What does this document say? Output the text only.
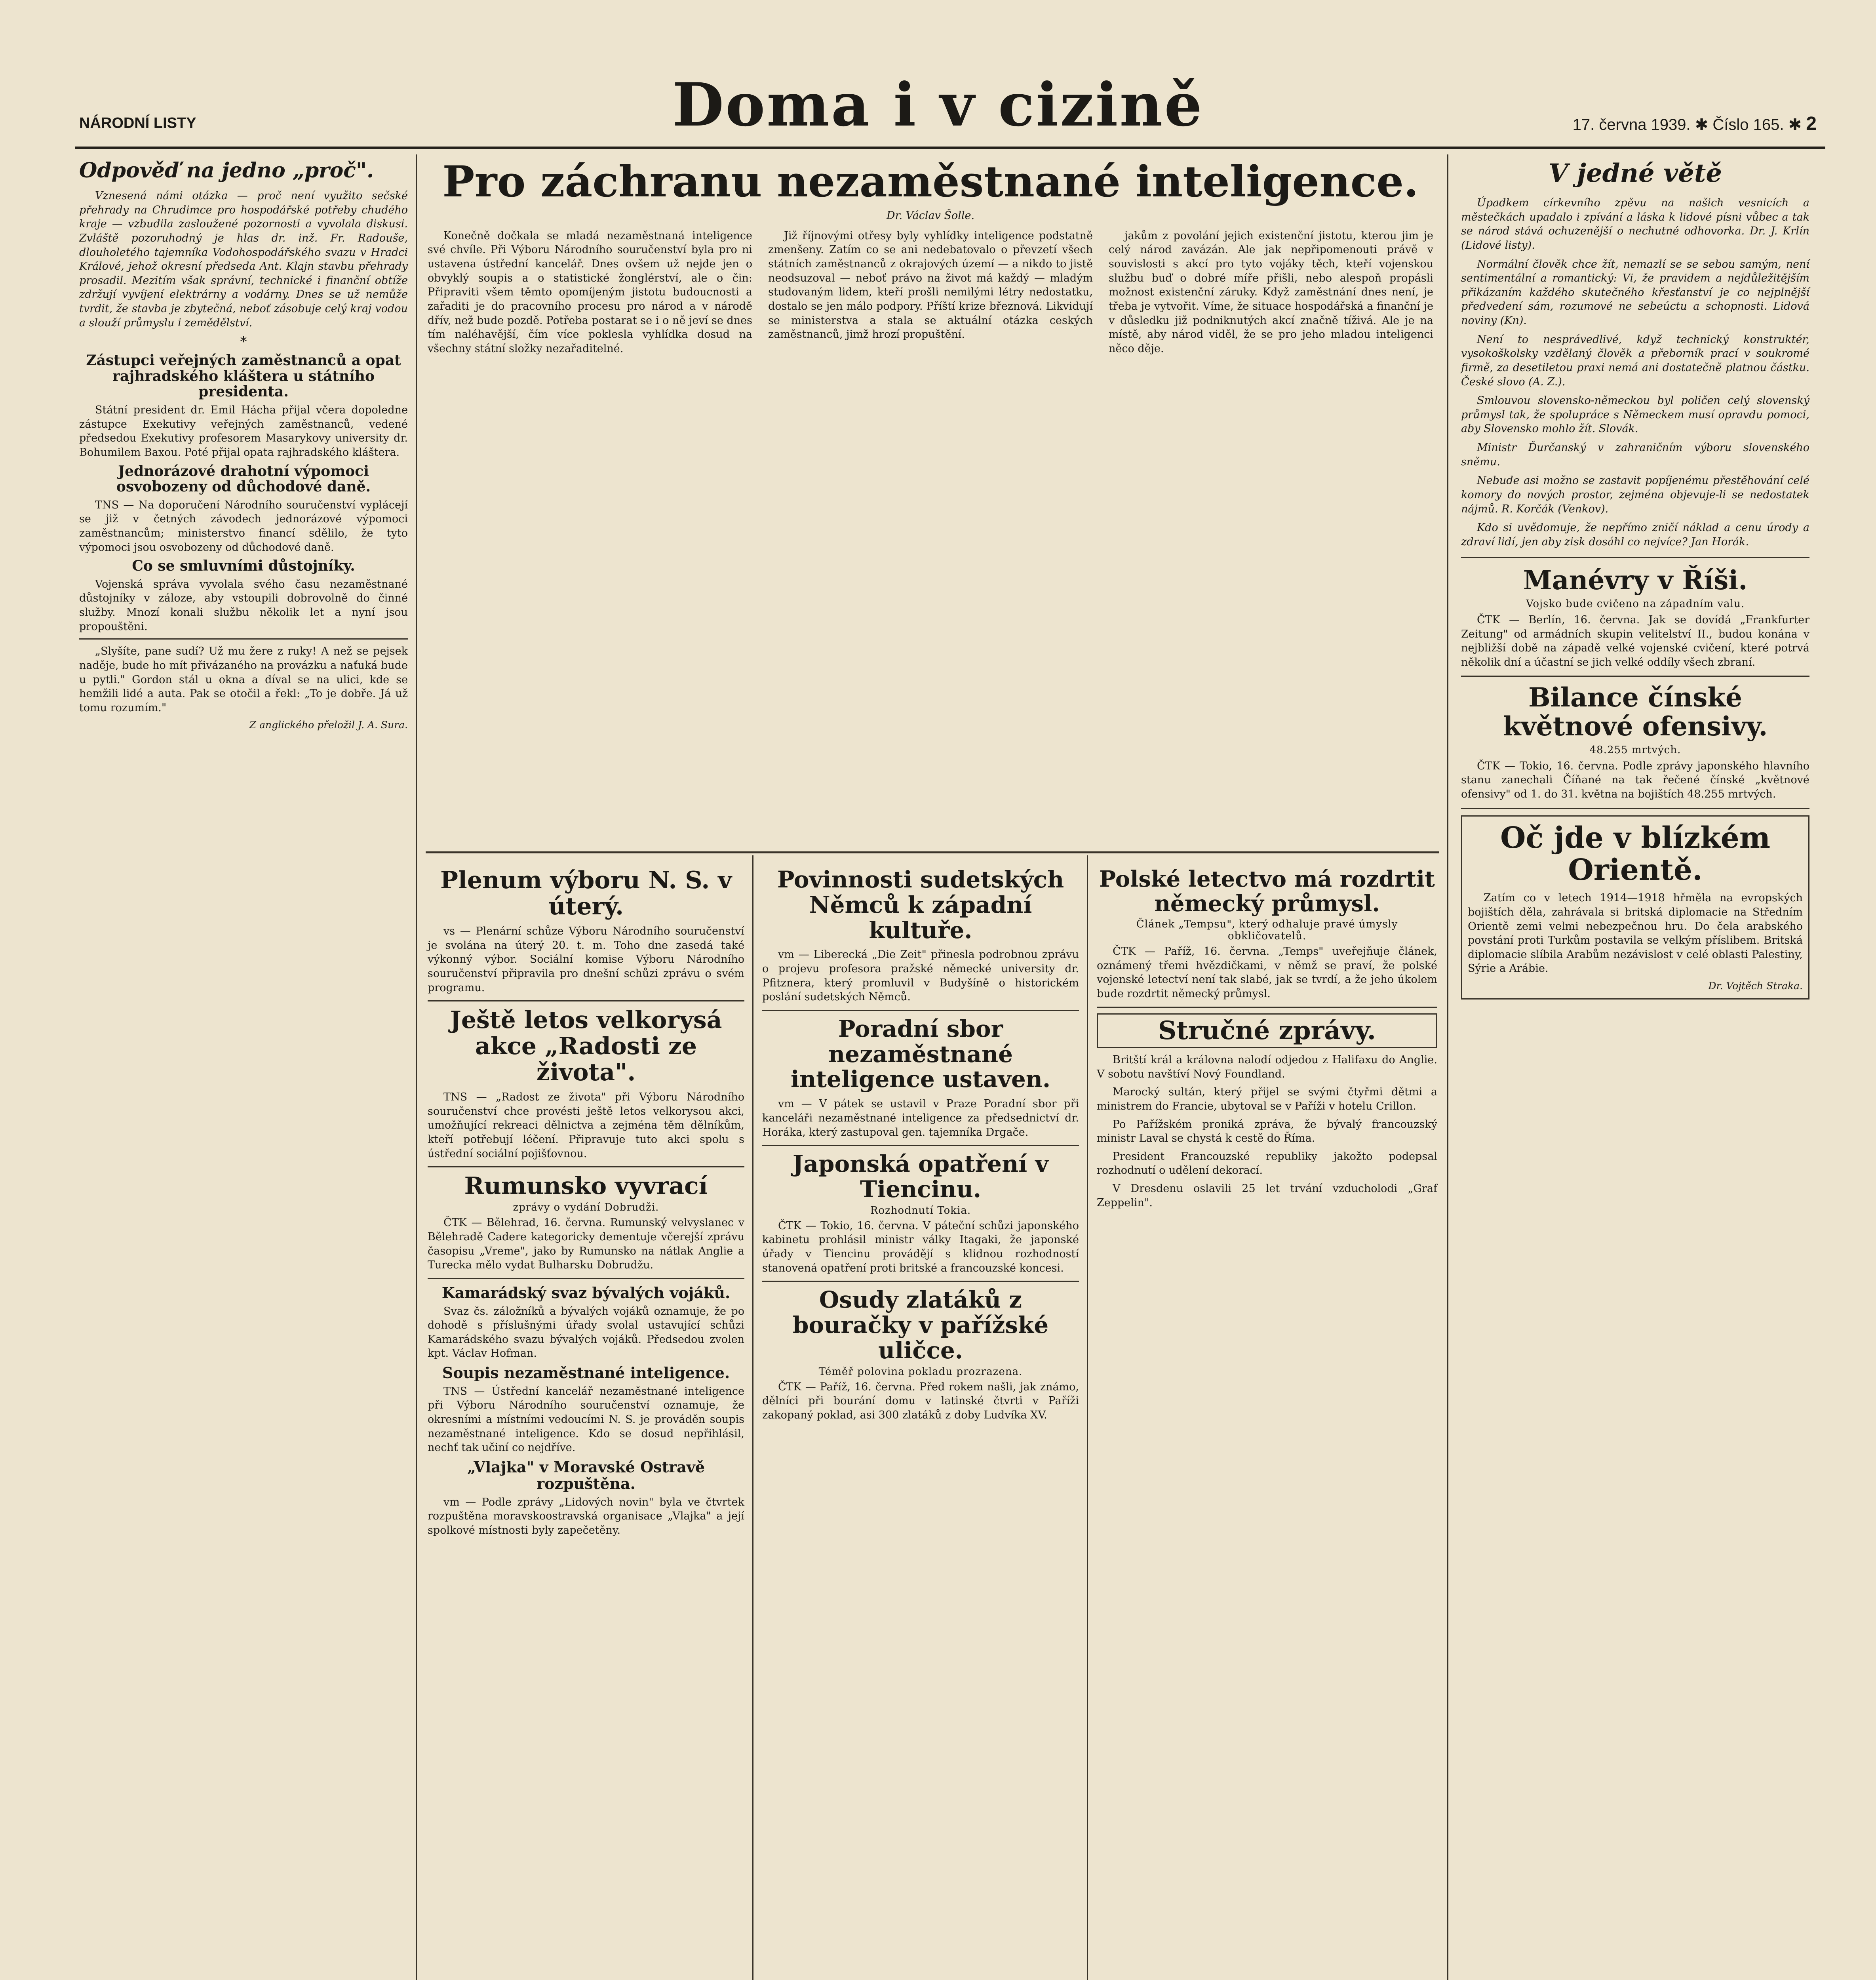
NÁRODNÍ LISTY	Doma i v cizině	17. června 1939. ✱ Číslo 165. ✱ 2
Odpověď na jedno „proč".

Vznesená námi otázka — proč není využito sečské přehrady na Chrudimce pro hospodářské potřeby chudého kraje — vzbudila zasloužené pozornosti a vyvolala diskusi. Zvláště pozoruhodný je hlas dr. inž. Fr. Radouše, dlouholetého tajemníka Vodohospodářského svazu v Hradci Králové, jehož okresní předseda Ant. Klajn stavbu přehrady prosadil. Mezitím však správní, technické i finanční obtíže zdržují vyvíjení elektrárny a vodárny. Dnes se už nemůže tvrdit, že stavba je zbytečná, neboť zásobuje celý kraj vodou a slouží průmyslu i zemědělství.

*
Zástupci veřejných zaměstnanců a opat rajhradského kláštera u státního presidenta.

Státní president dr. Emil Hácha přijal včera dopoledne zástupce Exekutivy veřejných zaměstnanců, vedené předsedou Exekutivy profesorem Masarykovy university dr. Bohumilem Baxou. Poté přijal opata rajhradského kláštera.

Jednorázové drahotní výpomoci osvobozeny od důchodové daně.

TNS — Na doporučení Národního souručenství vyplácejí se již v četných závodech jednorázové výpomoci zaměstnancům; ministerstvo financí sdělilo, že tyto výpomoci jsou osvobozeny od důchodové daně.

Co se smluvními důstojníky.

Vojenská správa vyvolala svého času nezaměstnané důstojníky v záloze, aby vstoupili dobrovolně do činné služby. Mnozí konali službu několik let a nyní jsou propouštěni.

„Slyšíte, pane sudí? Už mu žere z ruky! A než se pejsek naděje, bude ho mít přivázaného na provázku a naťuká bude u pytli." Gordon stál u okna a díval se na ulici, kde se hemžili lidé a auta. Pak se otočil a řekl: „To je dobře. Já už tomu rozumím."

Z anglického přeložil J. A. Sura.
Pro záchranu nezaměstnané inteligence.
Dr. Václav Šolle.

Konečně dočkala se mladá nezaměstnaná inteligence své chvíle. Při Výboru Národního souručenství byla pro ni ustavena ústřední kancelář. Dnes ovšem už nejde jen o obvyklý soupis a o statistické žonglérství, ale o čin: Připraviti všem těmto opomíjeným jistotu budoucnosti a zařaditi je do pracovního procesu pro národ a v národě dřív, než bude pozdě. Potřeba postarat se i o ně jeví se dnes tím naléhavější, čím více poklesla vyhlídka dosud na všechny státní složky nezařaditelné.

Již říjnovými otřesy byly vyhlídky inteligence podstatně zmenšeny. Zatím co se ani nedebatovalo o převzetí všech státních zaměstnanců z okrajových území — a nikdo to jistě neodsuzoval — neboť právo na život má každý — mladým studovaným lidem, kteří prošli nemilými létry nedostatku, dostalo se jen málo podpory. Příští krize březnová. Likvidují se ministerstva a stala se aktuální otázka ceských zaměstnanců, jimž hrozí propuštění.

jakům z povolání jejich existenční jistotu, kterou jim je celý národ zavázán. Ale jak nepřipomenouti právě v souvislosti s akcí pro tyto vojáky těch, kteří vojenskou službu buď o dobré míře přišli, nebo alespoň propásli možnost existenční záruky. Když zaměstnání dnes není, je třeba je vytvořit. Víme, že situace hospodářská a finanční je v důsledku již podniknutých akcí značně tíživá. Ale je na místě, aby národ viděl, že se pro jeho mladou inteligenci něco děje.

V jedné větě

Úpadkem církevního zpěvu na našich vesnicích a městečkách upadalo i zpívání a láska k lidové písni vůbec a tak se národ stává ochuzenější o nechutné odhovorka. Dr. J. Krlín (Lidové listy).

Normální člověk chce žít, nemazlí se se sebou samým, není sentimentální a romantický: Vi, že pravidem a nejdůležitějším přikázaním každého skutečného křesťanství je co nejplnější předvedení sám, rozumové ne sebeúctu a schopnosti. Lidová noviny (Kn).

Není to nesprávedlivé, když technický konstruktér, vysokoškolsky vzdělaný člověk a přeborník prací v soukromé firmě, za desetiletou praxi nemá ani dostatečně platnou částku. České slovo (A. Z.).

Smlouvou slovensko-německou byl poličen celý slovenský průmysl tak, že spolupráce s Německem musí opravdu pomoci, aby Slovensko mohlo žít. Slovák.

Ministr Ďurčanský v zahraničním výboru slovenského sněmu.

Nebude asi možno se zastavit popíjenému přestěhování celé komory do nových prostor, zejména objevuje-li se nedostatek nájmů. R. Korčák (Venkov).

Kdo si uvědomuje, že nepřímo zničí náklad a cenu úrody a zdraví lidí, jen aby zisk dosáhl co nejvíce? Jan Horák.

Manévry v Říši.
Vojsko bude cvičeno na západním valu.

ČTK — Berlín, 16. června. Jak se dovídá „Frankfurter Zeitung" od armádních skupin velitelství II., budou konána v nejbližší době na západě velké vojenské cvičení, které potrvá několik dní a účastní se jich velké oddíly všech zbraní.

Bilance čínské květnové ofensivy.
48.255 mrtvých.

ČTK — Tokio, 16. června. Podle zprávy japonského hlavního stanu zanechali Číňané na tak řečené čínské „květnové ofensivy" od 1. do 31. května na bojištích 48.255 mrtvých.

Oč jde v blízkém Orientě.

Zatím co v letech 1914—1918 hřměla na evropských bojištích děla, zahrávala si britská diplomacie na Středním Orientě zemi velmi nebezpečnou hru. Do čela arabského povstání proti Turkům postavila se velkým příslibem. Britská diplomacie slíbila Arabům nezávislost v celé oblasti Palestiny, Sýrie a Arábie.

Dr. Vojtěch Straka.
Plenum výboru N. S. v úterý.

vs — Plenární schůze Výboru Národního souručenství je svolána na úterý 20. t. m. Toho dne zasedá také výkonný výbor. Sociální komise Výboru Národního souručenství připravila pro dnešní schůzi zprávu o svém programu.

Ještě letos velkorysá akce „Radosti ze života".

TNS — „Radost ze života" při Výboru Národního souručenství chce provésti ještě letos velkorysou akci, umožňující rekreaci dělnictva a zejména těm dělníkům, kteří potřebují léčení. Připravuje tuto akci spolu s ústřední sociální pojišťovnou.

Rumunsko vyvrací
zprávy o vydání Dobrudži.

ČTK — Bělehrad, 16. června. Rumunský velvyslanec v Bělehradě Cadere kategoricky dementuje včerejší zprávu časopisu „Vreme", jako by Rumunsko na nátlak Anglie a Turecka mělo vydat Bulharsku Dobrudžu.

Kamarádský svaz bývalých vojáků.

Svaz čs. záložníků a bývalých vojáků oznamuje, že po dohodě s příslušnými úřady svolal ustavující schůzi Kamarádského svazu bývalých vojáků. Předsedou zvolen kpt. Václav Hofman.

Soupis nezaměstnané inteligence.

TNS — Ústřední kancelář nezaměstnané inteligence při Výboru Národního souručenství oznamuje, že okresními a místními vedoucími N. S. je prováděn soupis nezaměstnané inteligence. Kdo se dosud nepřihlásil, nechť tak učiní co nejdříve.

„Vlajka" v Moravské Ostravě rozpuštěna.

vm — Podle zprávy „Lidových novin" byla ve čtvrtek rozpuštěna moravskoostravská organisace „Vlajka" a její spolkové místnosti byly zapečetěny.

Povinnosti sudetských Němců k západní kultuře.

vm — Liberecká „Die Zeit" přinesla podrobnou zprávu o projevu profesora pražské německé university dr. Pfitznera, který promluvil v Budyšíně o historickém poslání sudetských Němců.

Poradní sbor nezaměstnané inteligence ustaven.

vm — V pátek se ustavil v Praze Poradní sbor při kanceláři nezaměstnané inteligence za předsednictví dr. Horáka, který zastupoval gen. tajemníka Drgače.

Japonská opatření v Tiencinu.
Rozhodnutí Tokia.

ČTK — Tokio, 16. června. V páteční schůzi japonského kabinetu prohlásil ministr války Itagaki, že japonské úřady v Tiencinu provádějí s klidnou rozhodností stanovená opatření proti britské a francouzské koncesi.

Osudy zlatáků z bouračky v pařížské uličce.
Téměř polovina pokladu prozrazena.

ČTK — Paříž, 16. června. Před rokem našli, jak známo, dělníci při bourání domu v latinské čtvrti v Paříži zakopaný poklad, asi 300 zlatáků z doby Ludvíka XV.

Polské letectvo má rozdrtit německý průmysl.
Článek „Tempsu", který odhaluje pravé úmysly obkličovatelů.

ČTK — Paříž, 16. června. „Temps" uveřejňuje článek, oznámený třemi hvězdičkami, v němž se praví, že polské vojenské letectví není tak slabé, jak se tvrdí, a že jeho úkolem bude rozdrtit německý průmysl.

Stručné zprávy.

Britští král a královna nalodí odjedou z Halifaxu do Anglie. V sobotu navštíví Nový Foundland.

Marocký sultán, který přijel se svými čtyřmi dětmi a ministrem do Francie, ubytoval se v Paříži v hotelu Crillon.

Po Pařížském proniká zpráva, že bývalý francouzský ministr Laval se chystá k cestě do Říma.

President Francouzské republiky jakožto podepsal rozhodnutí o udělení dekorací.

V Dresdenu oslavili 25 let trvání vzducholodi „Graf Zeppelin".
